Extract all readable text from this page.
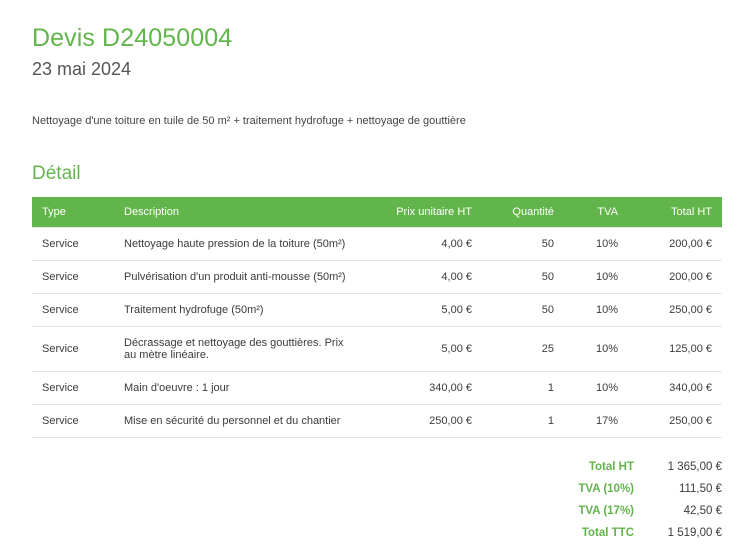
Devis D24050004
23 mai 2024

Nettoyage d'une toiture en tuile de 50 m² + traitement hydrofuge + nettoyage de gouttière

Détail
Type	Description	Prix unitaire HT	Quantité	TVA	Total HT
Service	Nettoyage haute pression de la toiture (50m²)	4,00 €	50	10%	200,00 €
Service	Pulvérisation d'un produit anti-mousse (50m²)	4,00 €	50	10%	200,00 €
Service	Traitement hydrofuge (50m²)	5,00 €	50	10%	250,00 €
Service	Décrassage et nettoyage des gouttières. Prix au mètre linéaire.	5,00 €	25	10%	125,00 €
Service	Main d'oeuvre : 1 jour	340,00 €	1	10%	340,00 €
Service	Mise en sécurité du personnel et du chantier	250,00 €	1	17%	250,00 €
Total HT	1 365,00 €
TVA (10%)	111,50 €
TVA (17%)	42,50 €
Total TTC	1 519,00 €
